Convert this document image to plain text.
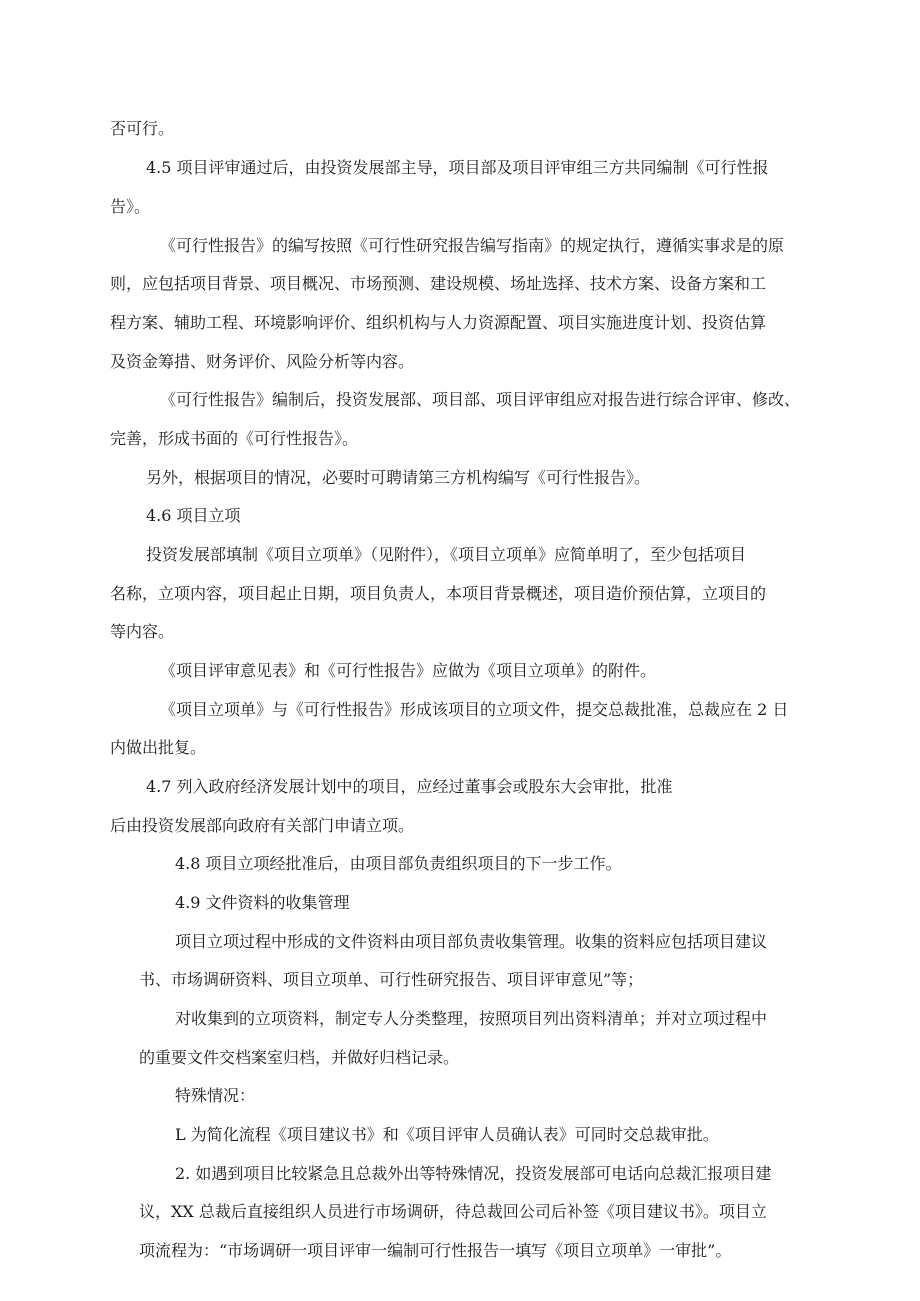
否可行。
4.5 项目评审通过后，由投资发展部主导，项目部及项目评审组三方共同编制《可行性报
告》。
《可行性报告》的编写按照《可行性研究报告编写指南》的规定执行，遵循实事求是的原
则，应包括项目背景、项目概况、市场预测、建设规模、场址选择、技术方案、设备方案和工
程方案、辅助工程、环境影响评价、组织机构与人力资源配置、项目实施进度计划、投资估算
及资金筹措、财务评价、风险分析等内容。
《可行性报告》编制后，投资发展部、项目部、项目评审组应对报告进行综合评审、修改、
完善，形成书面的《可行性报告》。
另外，根据项目的情况，必要时可聘请第三方机构编写《可行性报告》。
4.6 项目立项
投资发展部填制《项目立项单》（见附件），《项目立项单》应简单明了，至少包括项目
名称，立项内容，项目起止日期，项目负责人，本项目背景概述，项目造价预估算，立项目的
等内容。
《项目评审意见表》和《可行性报告》应做为《项目立项单》的附件。
《项目立项单》与《可行性报告》形成该项目的立项文件，提交总裁批准，总裁应在 2 日
内做出批复。
4.7 列入政府经济发展计划中的项目，应经过董事会或股东大会审批，批准
后由投资发展部向政府有关部门申请立项。
4.8 项目立项经批准后，由项目部负责组织项目的下一步工作。
4.9 文件资料的收集管理
项目立项过程中形成的文件资料由项目部负责收集管理。收集的资料应包括项目建议
书、市场调研资料、项目立项单、可行性研究报告、项目评审意见”等；
对收集到的立项资料，制定专人分类整理，按照项目列出资料清单；并对立项过程中
的重要文件交档案室归档，并做好归档记录。
特殊情况：
L 为简化流程《项目建议书》和《项目评审人员确认表》可同时交总裁审批。
2. 如遇到项目比较紧急且总裁外出等特殊情况，投资发展部可电话向总裁汇报项目建
议，XX 总裁后直接组织人员进行市场调研，待总裁回公司后补签《项目建议书》。项目立
项流程为：“市场调研一项目评审一编制可行性报告一填写《项目立项单》一审批”。
